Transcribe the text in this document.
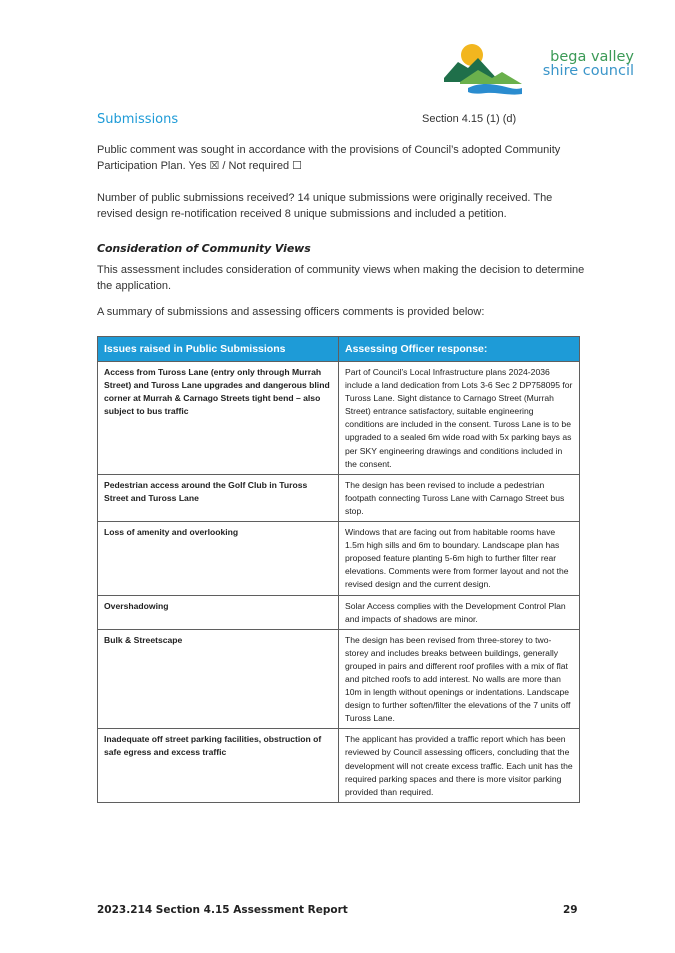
bega valley
shire council
Submissions	Section 4.15 (1) (d)
Public comment was sought in accordance with the provisions of Council’s adopted Community Participation Plan. Yes ☒ / Not required ☐
Number of public submissions received? 14 unique submissions were originally received. The revised design re-notification received 8 unique submissions and included a petition.
Consideration of Community Views
This assessment includes consideration of community views when making the decision to determine the application.
A summary of submissions and assessing officers comments is provided below:
Issues raised in Public Submissions	Assessing Officer response:
Access from Tuross Lane (entry only through Murrah Street) and Tuross Lane upgrades and dangerous blind corner at Murrah & Carnago Streets tight bend – also subject to bus traffic	Part of Council’s Local Infrastructure plans 2024-2036 include a land dedication from Lots 3-6 Sec 2 DP758095 for Tuross Lane. Sight distance to Carnago Street (Murrah Street) entrance satisfactory, suitable engineering conditions are included in the consent. Tuross Lane is to be upgraded to a sealed 6m wide road with 5x parking bays as per SKY engineering drawings and conditions included in the consent.
Pedestrian access around the Golf Club in Tuross Street and Tuross Lane	The design has been revised to include a pedestrian footpath connecting Tuross Lane with Carnago Street bus stop.
Loss of amenity and overlooking	Windows that are facing out from habitable rooms have 1.5m high sills and 6m to boundary. Landscape plan has proposed feature planting 5-6m high to further filter rear elevations. Comments were from former layout and not the revised design and the current design.
Overshadowing	Solar Access complies with the Development Control Plan and impacts of shadows are minor.
Bulk & Streetscape	The design has been revised from three-storey to two-storey and includes breaks between buildings, generally grouped in pairs and different roof profiles with a mix of flat and pitched roofs to add interest. No walls are more than 10m in length without openings or indentations. Landscape design to further soften/filter the elevations of the 7 units off Tuross Lane.
Inadequate off street parking facilities, obstruction of safe egress and excess traffic	The applicant has provided a traffic report which has been reviewed by Council assessing officers, concluding that the development will not create excess traffic. Each unit has the required parking spaces and there is more visitor parking provided than required.
2023.214 Section 4.15 Assessment Report	29
